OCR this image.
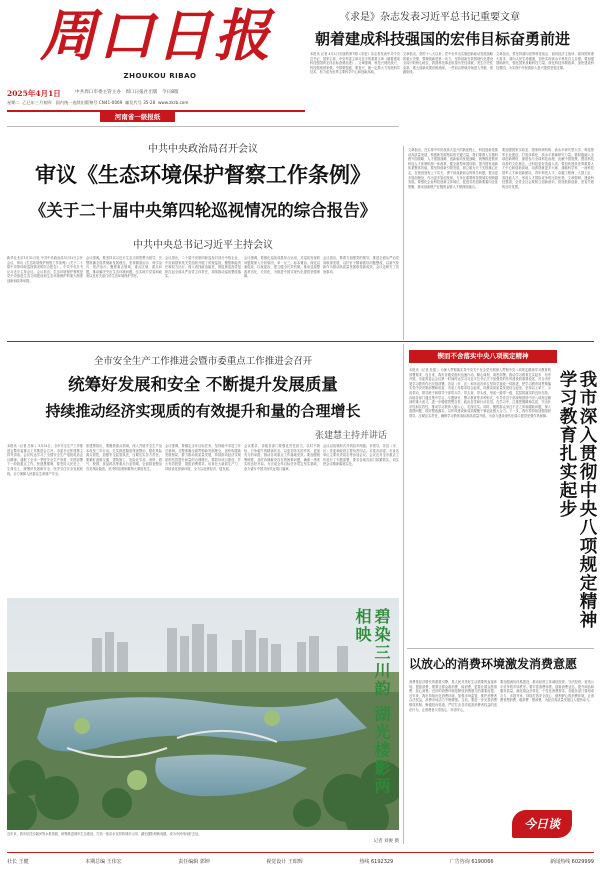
周口日报
ZHOUKOU RIBAO
2025年4月1日	中共周口市委主管主办 周口日报社出版 今日8版
星期二 乙巳年三月初四 国内统一连续出版物号 CN41-0069 邮发代号 35-28 www.zkrb.com
河南省一级报纸
《求是》杂志发表习近平总书记重要文章
朝着建成科技强国的宏伟目标奋勇前进
本报讯 记者 4月1日出版的第7期《求是》杂志将发表中共中央总书记、国家主席、中央军委主席习近平的重要文章《朝着建成科技强国的宏伟目标奋勇前进》。文章强调，科技兴则民族兴，科技强则国家强。中国要强盛、要复兴，就一定要大力发展科学技术，努力成为世界主要科学中心和创新高地。
文章指出，党的十八大以来，党中央作出实施创新驱动发展战略的重大决策，强调创新是第一动力，坚持创新在我国现代化建设全局中的核心地位，我国科技事业取得历史性成就、发生历史性变革，重大创新成果竞相涌现，一些前沿领域开始进入并跑、领跑阶段。
文章指出，要坚持面向世界科技前沿、面向经济主战场、面向国家重大需求、面向人民生命健康，加快实现高水平科技自立自强。要加强基础研究，强化国家战略科技力量，深化科技体制改革，加快建设科技强国，为实现中华民族伟大复兴提供坚强支撑。
中共中央政治局召开会议
审议《生态环境保护督察工作条例》
《关于二十届中央第四轮巡视情况的综合报告》
中共中央总书记习近平主持会议
新华社北京3月31日电 中共中央政治局3月31日召开会议，审议《生态环境保护督察工作条例》《关于二十届中央第四轮巡视情况的综合报告》。中共中央总书记习近平主持会议。会议指出，生态环境保护督察是党中央推进生态文明建设和生态环境保护的重大制度创新和改革举措。
会议强调，要坚持以习近平生态文明思想为指导，完整准确全面贯彻新发展理念，坚持精准治污、科学治污、依法治污，聚焦重点领域、重点区域、重点问题，推动解决突出生态环境问题，压实地方党委和政府以及有关部门的生态环境保护责任。
会议指出，二十届中央第四轮巡视对部分中管企业、中央和国家机关党组织开展了常规巡视，聚焦职能责任和权力运行，深入查找政治偏差，督促被巡视党组织扛起全面从严治党主体责任，持续推动巡视整改落实。
会议强调，要强化巡视成果综合运用，对巡视发现的问题要深入分析原因，举一反三，标本兼治，深化以案促改、以案促治，建立健全长效机制，推动巡视整改常态化、长效化，为推进中国式现代化提供坚强保障。
会议指出，要着力加强党的领导，推进全面从严治党向纵深发展，以钉钉子精神抓好问题整改，以新气象新作为推动高质量发展取得新成效。会议还研究了其他事项。
文章指出，在实现中华民族伟大复兴的新征程上，科技创新是推动高质量发展、构建新发展格局的关键力量。我们要深入实施科教兴国战略、人才强国战略、创新驱动发展战略，统筹推进教育科技人才体制机制一体改革，健全新型举国体制，提升国家创新体系整体效能。要坚持创新引领发展，树立敢为天下先的雄心壮志，在独创独有上下功夫，勇于挑战最前沿的科学问题，提出更多原创理论，作出更多原创发现，力争在重要科技领域实现跨越发展。要强化企业科技创新主体地位，促进各类创新要素向企业集聚，推动创新链产业链资金链人才链深度融合。
要加强国家实验室、国家科研机构、高水平研究型大学、科技领军企业建设，打造体系化、高水平基础研究力量。要积极融入全球创新网络，深度参与全球科技治理，贡献中国智慧，塑造科技向善的文化理念，让科技更好造福人类。要加快建设世界重要人才中心和创新高地，培养造就更多大师、战略科学家、一流科技领军人才和创新团队、青年科技人才、卓越工程师、大国工匠、高技能人才，形成人才国际竞争的比较优势。文章强调，建设科技强国，全党全社会要树立创新意识，营造鼓励创新、宽容失败的良好氛围。
全市安全生产工作推进会暨市委重点工作推进会召开
统筹好发展和安全 不断提升发展质量
持续推动经济实现质的有效提升和量的合理增长
张建慧主持并讲话
本报讯（记者 吕林 ）3月31日，全市安全生产工作推进会暨市委重点工作推进会召开。市委书记张建慧主持并讲话。会议传达学习了全国安全生产电视电话会议精神，通报了全市一季度安全生产形势，安排部署下一阶段重点工作。张建慧强调，要坚持人民至上、生命至上，统筹好发展和安全，坚决守住安全发展底线，全力保障人民群众生命财产安全。
张建慧指出，要聚焦重点领域，深入开展安全生产治本攻坚三年行动，扎实推进隐患排查整治，强化风险源头管控，加强安全监管执法，压紧压实各方责任。要紧盯道路交通、建筑施工、危险化学品、消防、燃气、校园、食品药品等重点行业领域，全面排查整治各类风险隐患，坚决防范遏制重特大事故发生。
会议强调，要锚定全年目标任务，坚持稳中求进工作总基调，完整准确全面贯彻新发展理念，加快构建新发展格局，着力推动高质量发展，持续推动经济实现质的有效提升和量的合理增长。要抓好项目建设，扩大有效投资，提振消费需求，培育壮大新质生产力，持续优化营商环境，全力以赴拼经济、促发展。
会议要求，各级各部门要强化责任担当，以时不我待、只争朝夕的精神状态，以更加务实的作风、更加有力的举措，推动各项重点工作落地见效。要加强统筹调度，及时协调解决存在的困难问题，确保一季度实现良好开局，为完成全年目标任务奠定坚实基础，奋力谱写中国式现代化周口篇章。
会议以视频形式开到县乡两级。市领导，各县（市、区）党委和政府主要负责同志，市委各部委、市直各单位主要负责同志等参加会议。会议还对全市重点工作进行了专题部署，要求各地各部门抓紧抓实，切实把会议精神落到实处。
碧染三川韵 湖光楼影两相映
近年来，我市依托沙颍河等水系资源，统筹推进城市生态建设，打造一批亲水宜居的城市公园，湖光楼影相映成趣，成为市民休闲好去处。
记者 刘俊 摄
锲而不舍落实中央八项规定精神
我市深入贯彻中央八项规定精神学习教育扎实起步
本报讯（记者 杜振 ）为深入贯彻落实党中央关于在全党开展深入贯彻中央八项规定精神学习教育的部署要求，连日来，我市各级党组织迅速行动，精心谋划、周密部署，推动学习教育扎实起步、有序开展。市委常委会会议第一时间传达学习习近平总书记关于加强党的作风建设的重要论述，对全市开展学习教育作出安排部署。各县（市、区）和市直各单位坚持学查改一体推进，把学习教育同贯彻落实党中央决策部署和省委、市委工作要求结合起来，同推动高质量发展结合起来，坚持以上率下、示范带动，领导班子和领导干部带头学、带头查、带头改，形成一级带一级、层层抓落实的良好态势。各地各部门通过集中学习、专题研讨、警示教育等多种形式，引导党员干部深刻领悟中央八项规定精神的重大意义，进一步增强思想自觉、政治自觉和行动自觉。在学习中，注重把握精神实质，突出针对性和实效性，推动学习教育入脑入心、走深走实。同时，聚焦群众身边不正之风和腐败问题，深入查摆问题、抓好整改落实，以作风建设新成效凝聚干事创业强大合力。下一步，我市将持续加强组织领导，压紧压实责任，确保学习教育高标准高质量开展，为奋力建设现代化周口提供坚强作风保障。
以放心的消费环境激发消费意愿
消费是经济增长的重要引擎，是人民对美好生活需要的直接体现。提振消费，既要让群众敢消费、能消费，更要让群众愿消费、放心消费。良好的消费环境是释放消费潜力的重要前提。近年来，我市持续优化消费环境，加强市场监管，维护消费者合法权益，消费市场活力不断增强。当前，要进一步完善消费维权机制，畅通投诉渠道，严厉打击各类侵害消费者权益的违法行为，让消费者买得放心、用得安心。
要加强诚信体系建设，推动经营主体诚信经营、守法经营，营造公平竞争的市场秩序。要丰富消费场景，创新消费业态，提升商品和服务质量，满足群众多样化、个性化消费需求。各级各部门要形成合力，多措并举，持续打造安全放心、便利舒心的消费环境，让消费者想消费、敢消费、愿消费，为经济高质量发展注入强劲动力。
今日谈
社长 王健	本期总编 王伟宏	责任编辑 郭坤	视觉设计 王昭辉	热线 6192329	广告咨询 6190066	新闻热线 6029999
